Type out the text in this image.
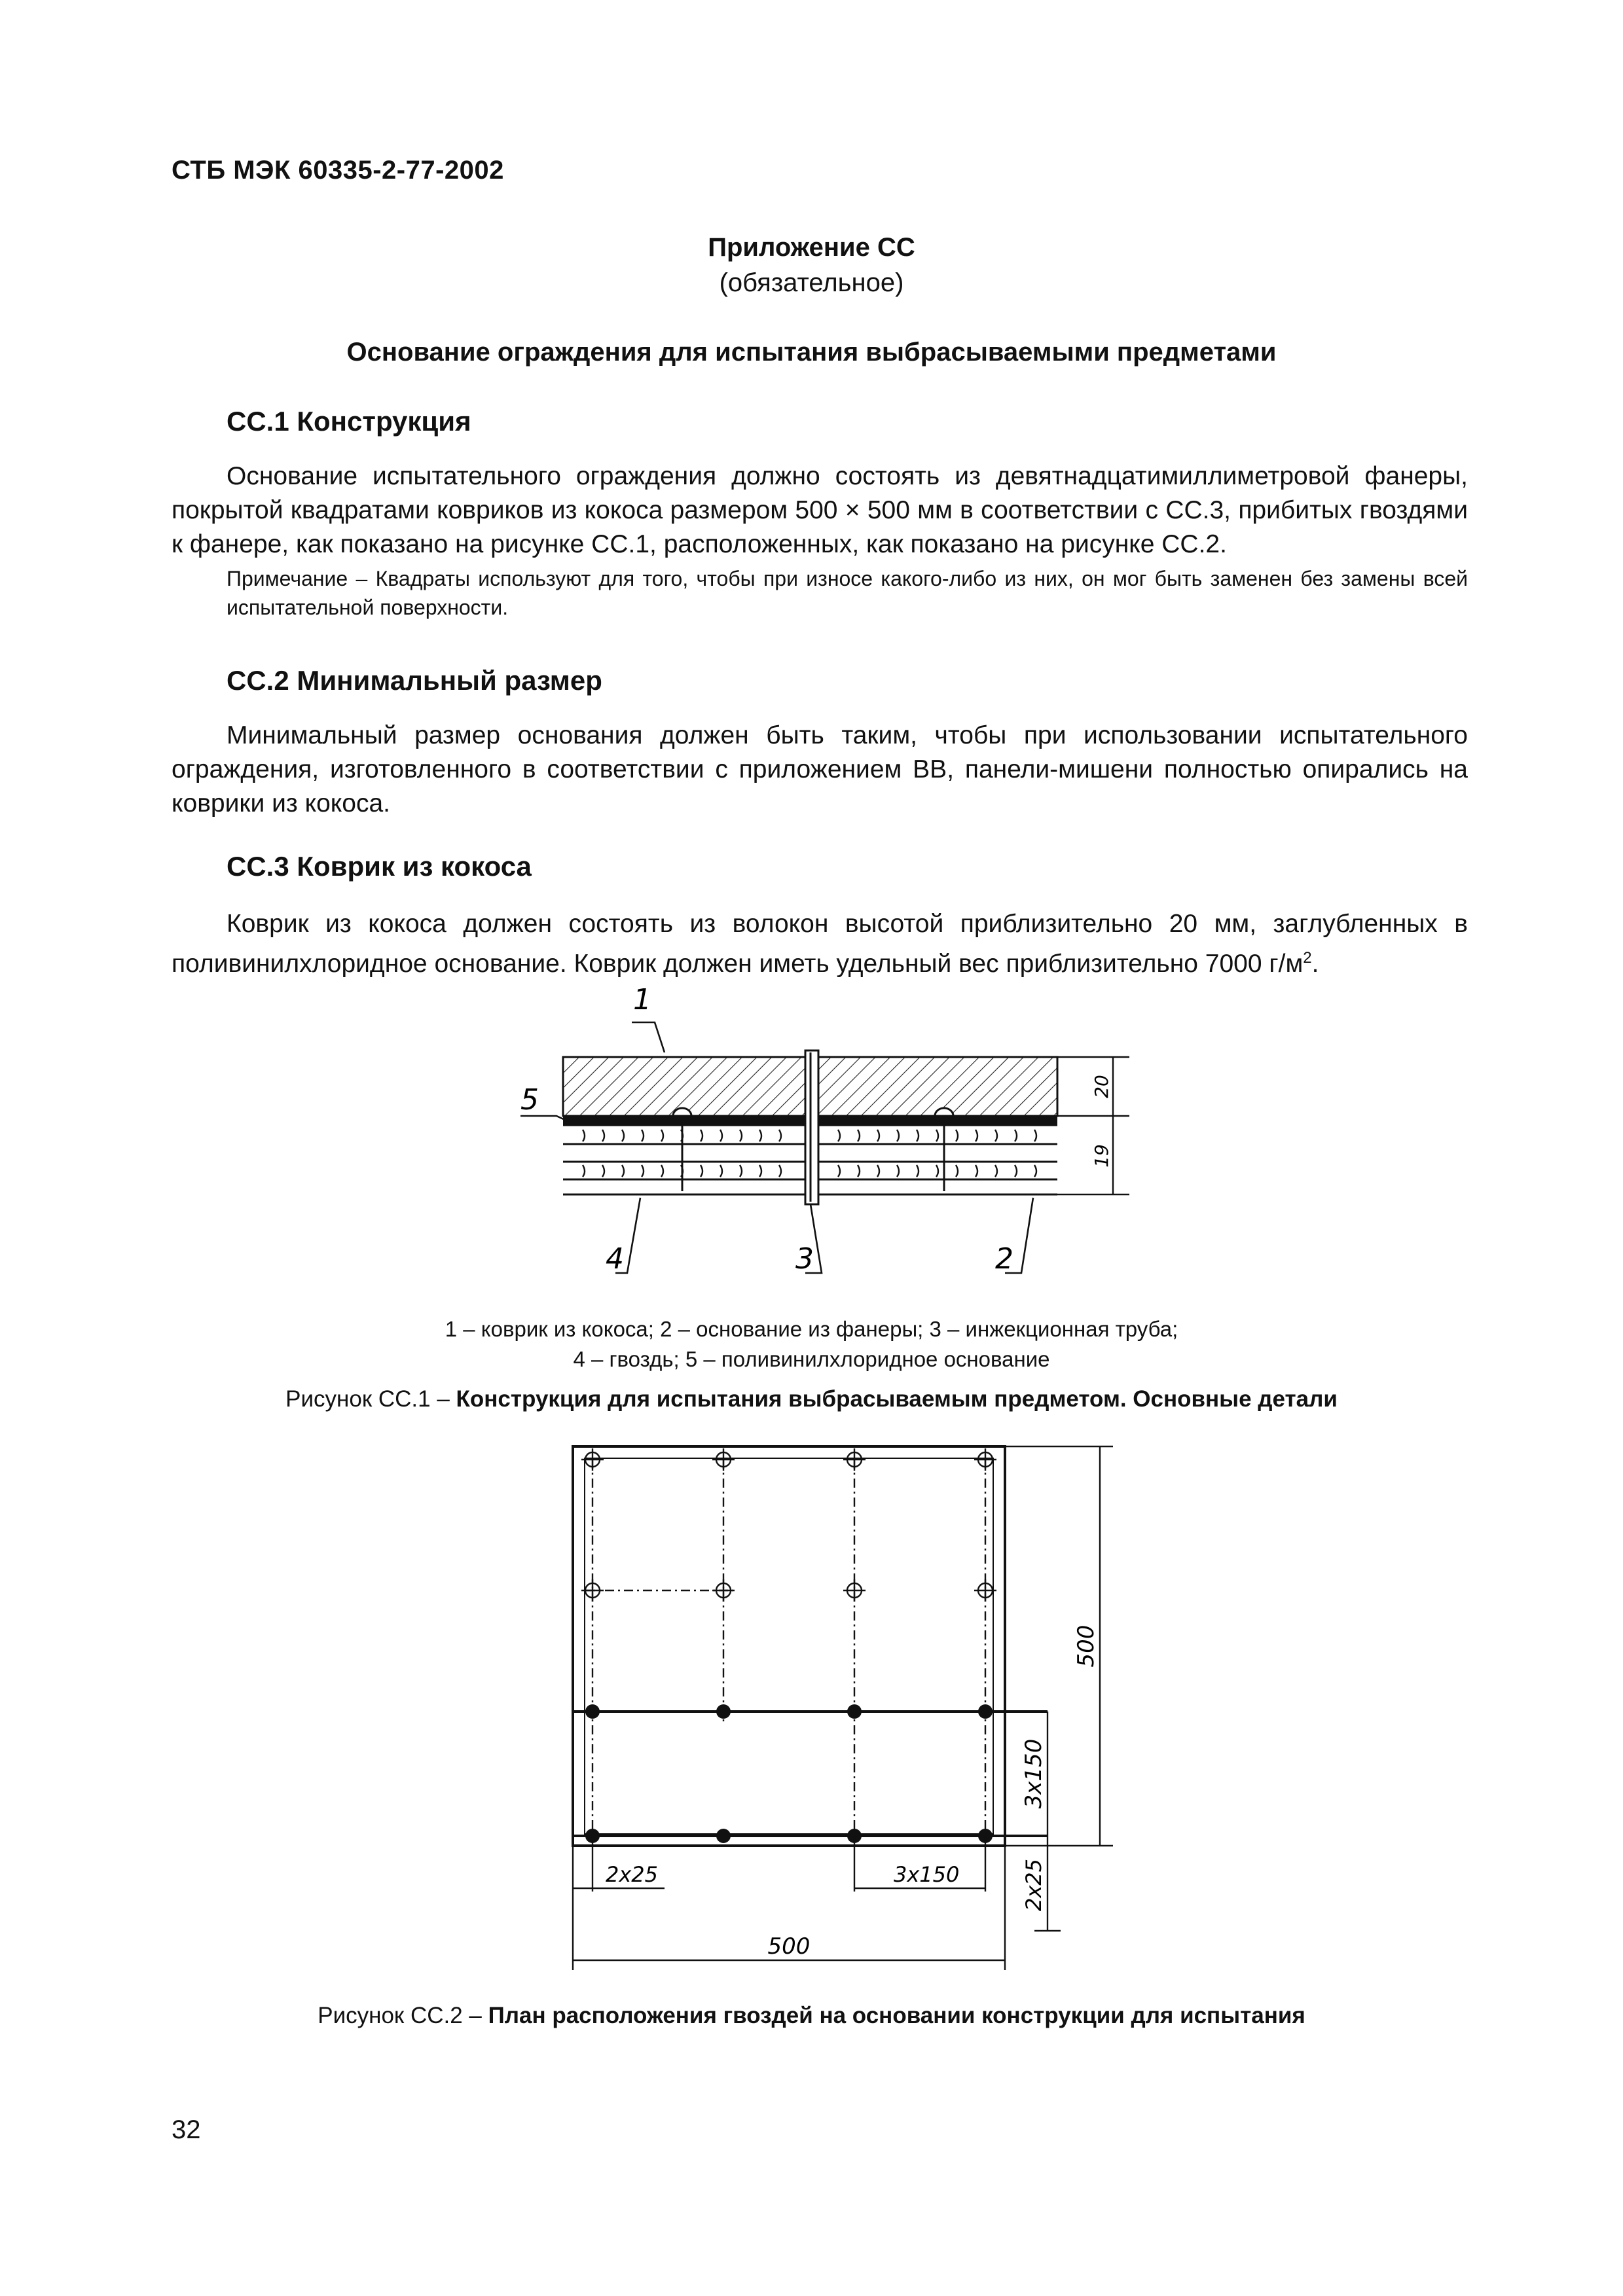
СТБ МЭК 60335-2-77-2002
Приложение СС
(обязательное)
Основание ограждения для испытания выбрасываемыми предметами
СС.1 Конструкция

Основание испытательного ограждения должно состоять из девятнадцатимиллиметровой фанеры, покрытой квадратами ковриков из кокоса размером 500 × 500 мм в соответствии с СС.3, прибитых гвоздями к фанере, как показано на рисунке СС.1, расположенных, как показано на рисунке СС.2.

Примечание – Квадраты используют для того, чтобы при износе какого-либо из них, он мог быть заменен без замены всей испытательной поверхности.

СС.2 Минимальный размер

Минимальный размер основания должен быть таким, чтобы при использовании испытательного ограждения, изготовленного в соответствии с приложением ВВ, панели-мишени полностью опирались на коврики из кокоса.

СС.3 Коврик из кокоса

Коврик из кокоса должен состоять из волокон высотой приблизительно 20 мм, заглубленных в поливинилхлоридное основание. Коврик должен иметь удельный вес приблизительно 7000 $г/м^2$.

20
19
1
5
4	3	2
1 – коврик из кокоса; 2 – основание из фанеры; 3 – инжекционная труба;
4 – гвоздь; 5 – поливинилхлоридное основание
Рисунок СС.1 – Конструкция для испытания выбрасываемым предметом. Основные детали
500
3x150
2x25
2x25	3x150
500
Рисунок СС.2 – План расположения гвоздей на основании конструкции для испытания
32
